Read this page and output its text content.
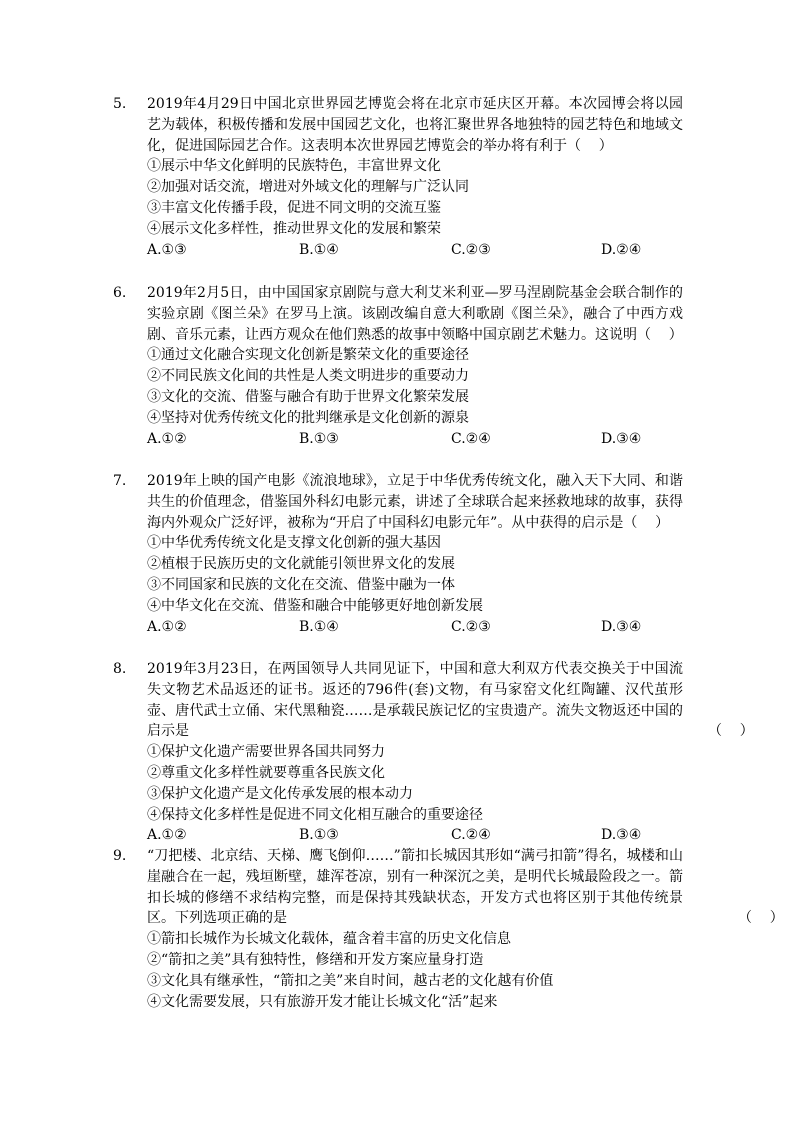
5. 2019年4月29日中国北京世界园艺博览会将在北京市延庆区开幕。本次园博会将以园艺为载体，积极传播和发展中国园艺文化，也将汇聚世界各地独特的园艺特色和地域文化，促进国际园艺合作。这表明本次世界园艺博览会的举办将有利于（    ）
①展示中华文化鲜明的民族特色，丰富世界文化
②加强对话交流，增进对外域文化的理解与广泛认同
③丰富文化传播手段，促进不同文明的交流互鉴
④展示文化多样性，推动世界文化的发展和繁荣
A.①③	B.①④	C.②③	D.②④
6. 2019年2月5日，由中国国家京剧院与意大利艾米利亚—罗马涅剧院基金会联合制作的实验京剧《图兰朵》在罗马上演。该剧改编自意大利歌剧《图兰朵》，融合了中西方戏剧、音乐元素，让西方观众在他们熟悉的故事中领略中国京剧艺术魅力。这说明（    ）
①通过文化融合实现文化创新是繁荣文化的重要途径
②不同民族文化间的共性是人类文明进步的重要动力
③文化的交流、借鉴与融合有助于世界文化繁荣发展
④坚持对优秀传统文化的批判继承是文化创新的源泉
A.①②	B.①③	C.②④	D.③④
7. 2019年上映的国产电影《流浪地球》，立足于中华优秀传统文化，融入天下大同、和谐共生的价值理念，借鉴国外科幻电影元素，讲述了全球联合起来拯救地球的故事，获得海内外观众广泛好评，被称为“开启了中国科幻电影元年”。从中获得的启示是（    ）
①中华优秀传统文化是支撑文化创新的强大基因
②植根于民族历史的文化就能引领世界文化的发展
③不同国家和民族的文化在交流、借鉴中融为一体
④中华文化在交流、借鉴和融合中能够更好地创新发展
A.①②	B.①④	C.②③	D.③④
8. 2019年3月23日，在两国领导人共同见证下，中国和意大利双方代表交换关于中国流失文物艺术品返还的证书。返还的796件(套)文物，有马家窑文化红陶罐、汉代茧形壶、唐代武士立俑、宋代黑釉瓷……是承载民族记忆的宝贵遗产。流失文物返还中国的启示是
①保护文化遗产需要世界各国共同努力
②尊重文化多样性就要尊重各民族文化
③保护文化遗产是文化传承发展的根本动力
④保持文化多样性是促进不同文化相互融合的重要途径
A.①②	B.①③	C.②④	D.③④
（    ）
9. “刀把楼、北京结、天梯、鹰飞倒仰……”箭扣长城因其形如“满弓扣箭”得名，城楼和山崖融合在一起，残垣断壁，雄浑苍凉，别有一种深沉之美，是明代长城最险段之一。箭扣长城的修缮不求结构完整，而是保持其残缺状态，开发方式也将区别于其他传统景区。下列选项正确的是
①箭扣长城作为长城文化载体，蕴含着丰富的历史文化信息
②“箭扣之美”具有独特性，修缮和开发方案应量身打造
③文化具有继承性，“箭扣之美”来自时间，越古老的文化越有价值
④文化需要发展，只有旅游开发才能让长城文化“活”起来
（    ）
